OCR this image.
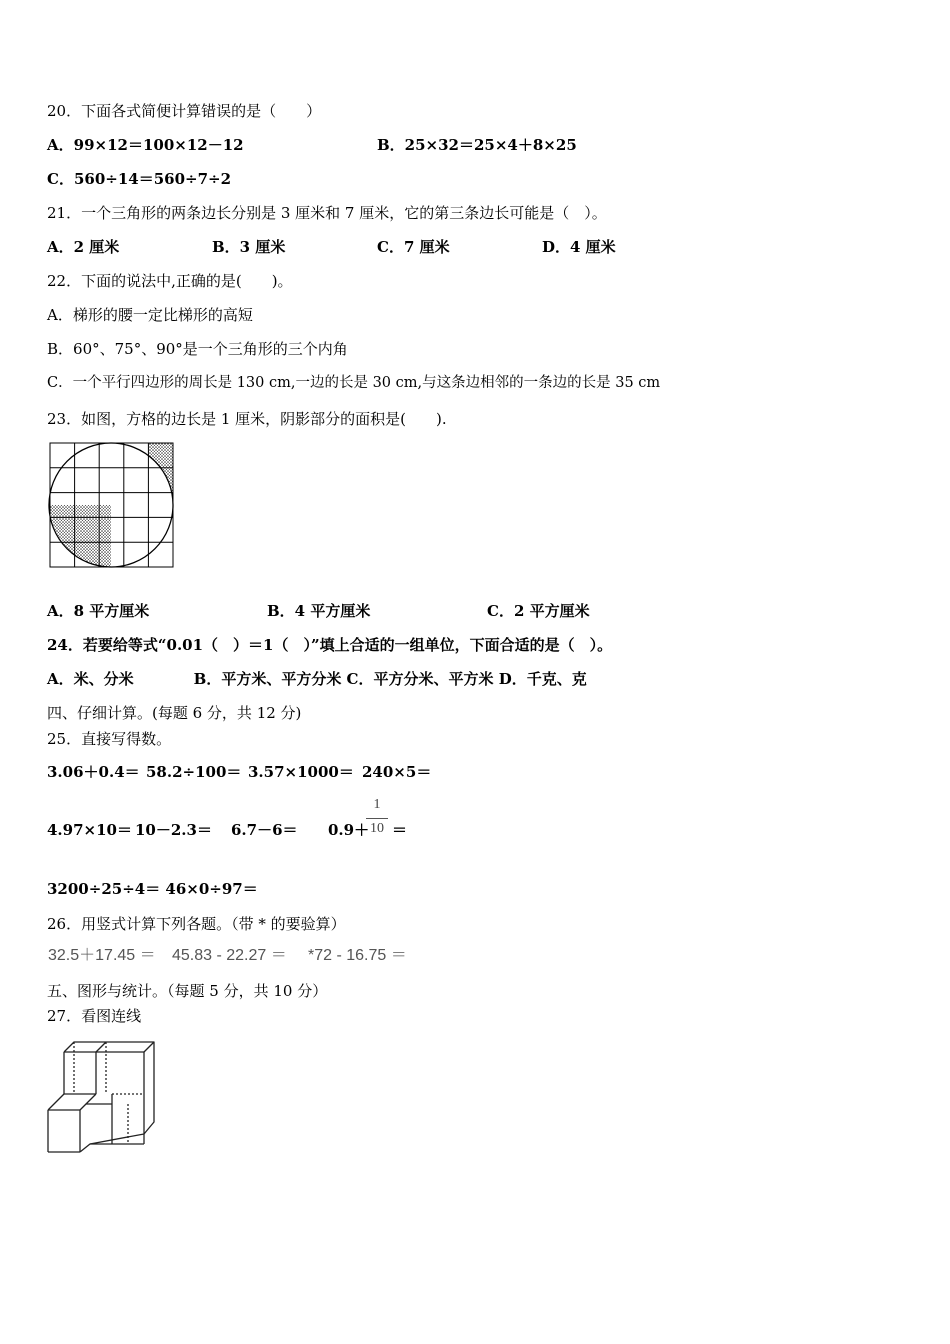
20．下面各式简便计算错误的是（　　）
A．99×12＝100×12－12	B．25×32＝25×4＋8×25
C．560÷14＝560÷7÷2
21．一个三角形的两条边长分别是 3 厘米和 7 厘米，它的第三条边长可能是（　）。
A．2 厘米	B．3 厘米	C．7 厘米	D．4 厘米
22．下面的说法中,正确的是(　　)。
A．梯形的腰一定比梯形的高短
B．60°、75°、90°是一个三角形的三个内角
C．一个平行四边形的周长是 130 cm,一边的长是 30 cm,与这条边相邻的一条边的长是 35 cm
23．如图，方格的边长是 1 厘米，阴影部分的面积是(　　).
A．8 平方厘米	B．4 平方厘米	C．2 平方厘米
24．若要给等式“0.01（　）＝1（　）”填上合适的一组单位，下面合适的是（　）。
A．米、分米　　　　B．平方米、平方分米 C．平方分米、平方米 D．千克、克
四、仔细计算。(每题 6 分，共 12 分)
25．直接写得数。
3.06＋0.4＝ 58.2÷100＝ 3.57×1000＝ 240×5＝
4.97×10＝ 10－2.3＝ 6.7－6＝ 0.9＋
1
10 ＝
3200÷25÷4＝ 46×0÷97＝
26．用竖式计算下列各题。（带 * 的要验算）
32.5＋17.45 ＝ 45.83 - 22.27 ＝ *72 - 16.75 ＝
五、图形与统计。（每题 5 分，共 10 分）
27．看图连线
